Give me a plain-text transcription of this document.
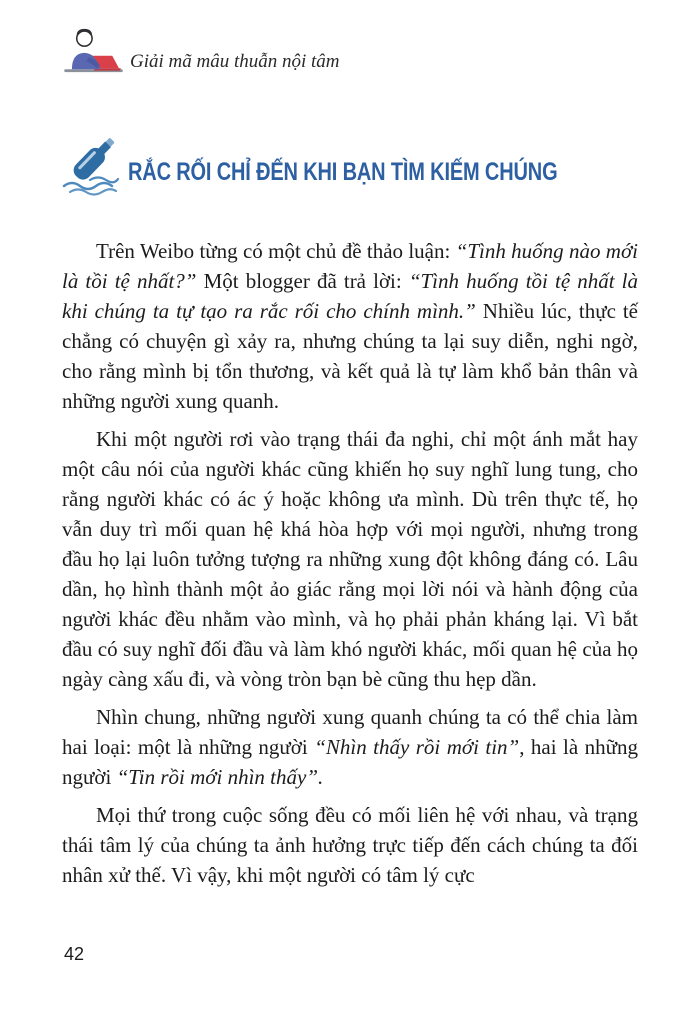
Giải mã mâu thuẫn nội tâm
RẮC RỐI CHỈ ĐẾN KHI BẠN TÌM KIẾM CHÚNG

Trên Weibo từng có một chủ đề thảo luận: “Tình huống nào mới là tồi tệ nhất?” Một blogger đã trả lời: “Tình huống tồi tệ nhất là khi chúng ta tự tạo ra rắc rối cho chính mình.” Nhiều lúc, thực tế chẳng có chuyện gì xảy ra, nhưng chúng ta lại suy diễn, nghi ngờ, cho rằng mình bị tổn thương, và kết quả là tự làm khổ bản thân và những người xung quanh.

Khi một người rơi vào trạng thái đa nghi, chỉ một ánh mắt hay một câu nói của người khác cũng khiến họ suy nghĩ lung tung, cho rằng người khác có ác ý hoặc không ưa mình. Dù trên thực tế, họ vẫn duy trì mối quan hệ khá hòa hợp với mọi người, nhưng trong đầu họ lại luôn tưởng tượng ra những xung đột không đáng có. Lâu dần, họ hình thành một ảo giác rằng mọi lời nói và hành động của người khác đều nhằm vào mình, và họ phải phản kháng lại. Vì bắt đầu có suy nghĩ đối đầu và làm khó người khác, mối quan hệ của họ ngày càng xấu đi, và vòng tròn bạn bè cũng thu hẹp dần.

Nhìn chung, những người xung quanh chúng ta có thể chia làm hai loại: một là những người “Nhìn thấy rồi mới tin”, hai là những người “Tin rồi mới nhìn thấy”.

Mọi thứ trong cuộc sống đều có mối liên hệ với nhau, và trạng thái tâm lý của chúng ta ảnh hưởng trực tiếp đến cách chúng ta đối nhân xử thế. Vì vậy, khi một người có tâm lý cực

42
